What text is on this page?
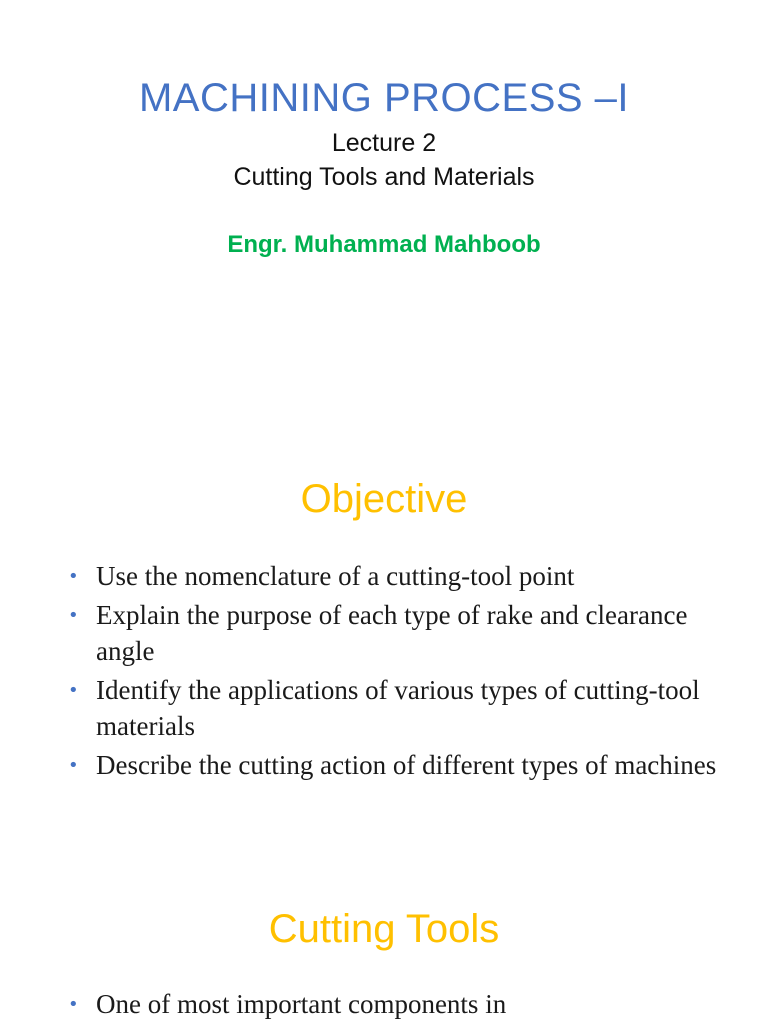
MACHINING PROCESS –I
Lecture 2
Cutting Tools and Materials
Engr. Muhammad Mahboob
Objective
• Use the nomenclature of a cutting-tool point
• Explain the purpose of each type of rake and clearance angle
• Identify the applications of various types of cutting-tool materials
• Describe the cutting action of different types of machines
Cutting Tools
• One of most important components in
